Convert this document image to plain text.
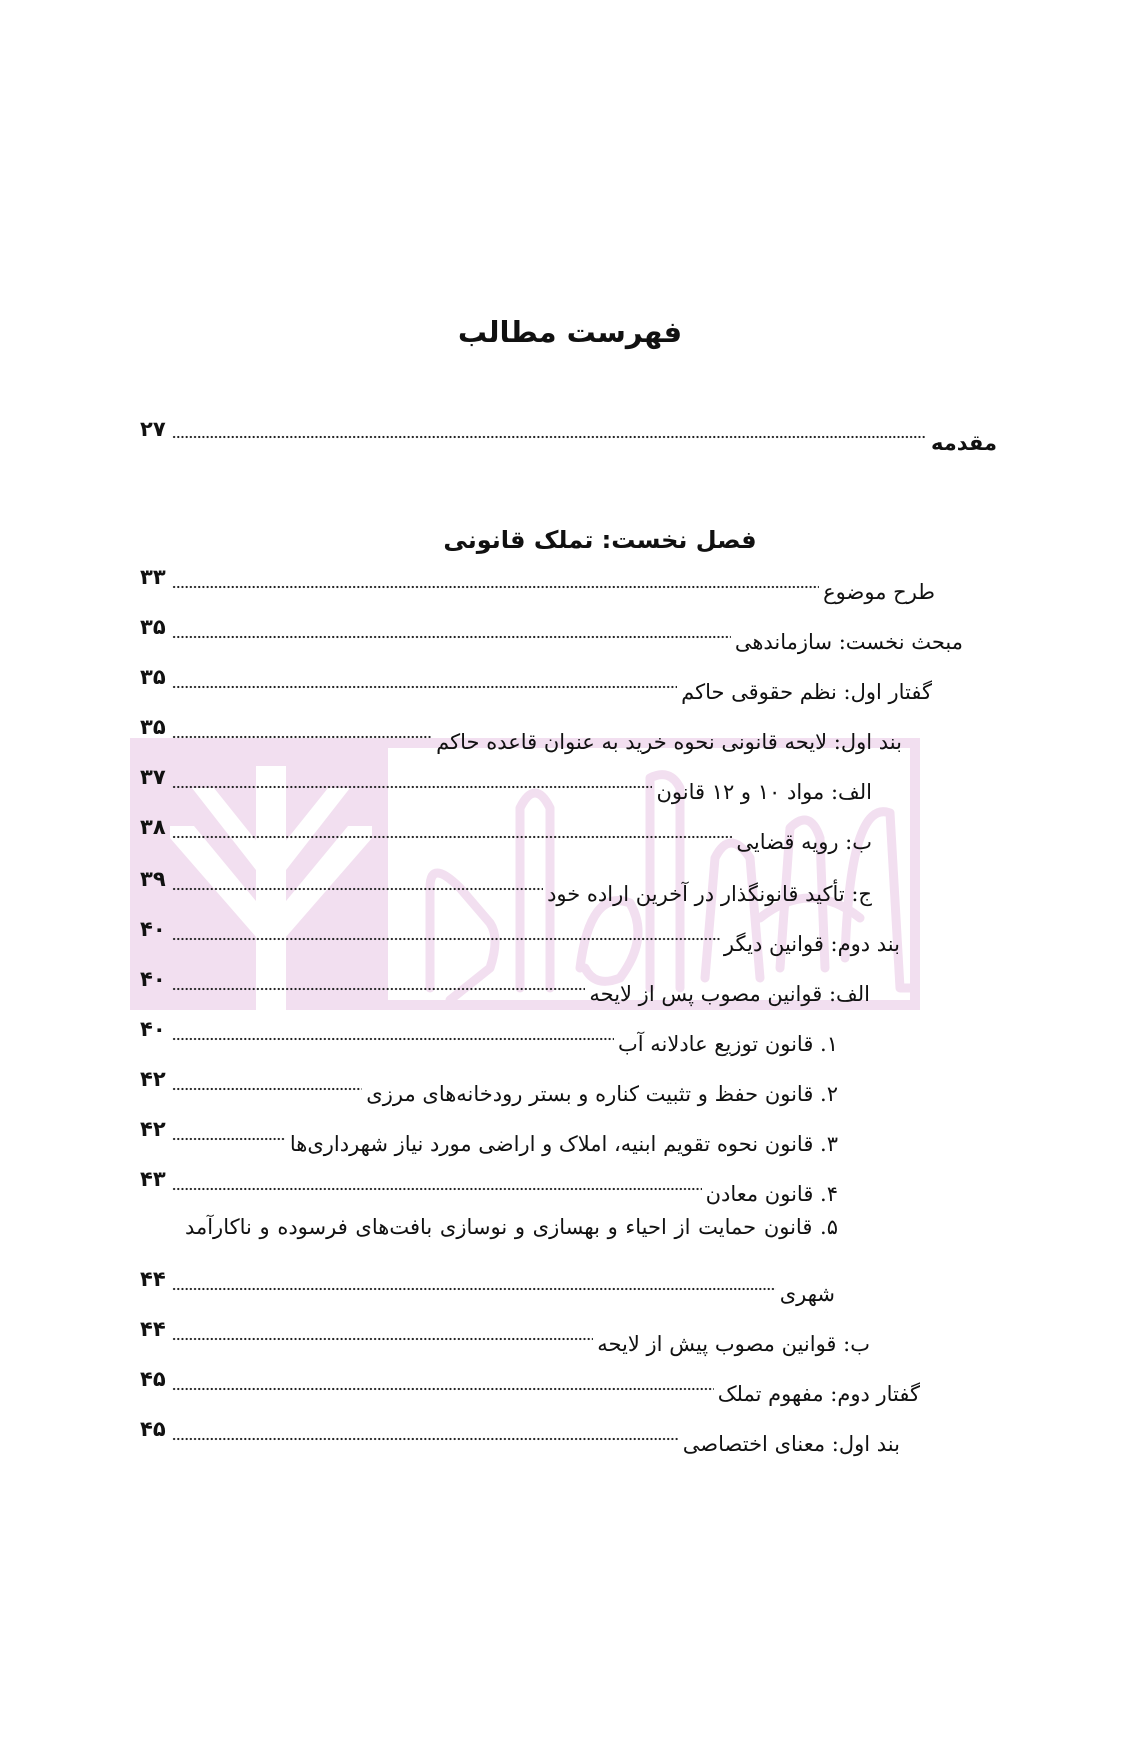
فهرست مطالب
۲۷
مقدمه
فصل نخست: تملک قانونی
۳۳
طرح موضوع
۳۵
مبحث نخست: سازماندهی
۳۵
گفتار اول: نظم حقوقی حاکم
۳۵
بند اول: لایحه قانونی نحوه خرید به عنوان قاعده حاکم
۳۷
الف: مواد ۱۰ و ۱۲ قانون
۳۸
ب: رویه قضایی
۳۹
ج: تأکید قانونگذار در آخرین اراده خود
۴۰
بند دوم: قوانین دیگر
۴۰
الف: قوانین مصوب پس از لایحه
۴۰
۱. قانون توزیع عادلانه آب
۴۲
۲. قانون حفظ و تثبیت کناره و بستر رودخانه‌های مرزی
۴۲
۳. قانون نحوه تقویم ابنیه، املاک و اراضی مورد نیاز شهرداری‌ها
۴۳
۴. قانون معادن
۵. قانون حمایت از احیاء و بهسازی و نوسازی بافت‌های فرسوده و ناکارآمد
۴۴
شهری
۴۴
ب: قوانین مصوب پیش از لایحه
۴۵
گفتار دوم: مفهوم تملک
۴۵
بند اول: معنای اختصاصی
